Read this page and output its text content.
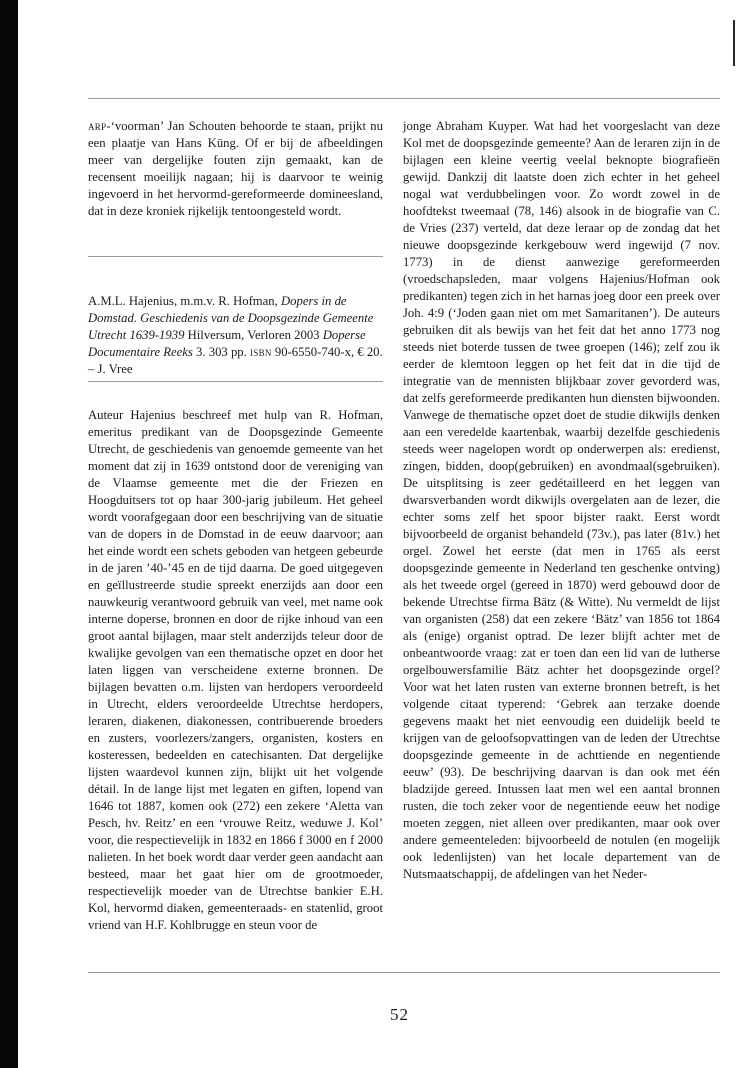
arp-‘voorman’ Jan Schouten behoorde te staan, prijkt nu een plaatje van Hans Küng. Of er bij de afbeeldingen meer van dergelijke fouten zijn gemaakt, kan de recensent moeilijk nagaan; hij is daarvoor te weinig ingevoerd in het hervormd-gereformeerde domineesland, dat in deze kroniek rijkelijk tentoongesteld wordt.

A.M.L. Hajenius, m.m.v. R. Hofman, Dopers in de Domstad. Geschiedenis van de Doopsgezinde Gemeente Utrecht 1639-1939 Hilversum, Verloren 2003 Doperse Documentaire Reeks 3. 303 pp. isbn 90-6550-740-x, € 20.
– J. Vree

Auteur Hajenius beschreef met hulp van R. Hofman, emeritus predikant van de Doopsgezinde Gemeente Utrecht, de geschiedenis van genoemde gemeente van het moment dat zij in 1639 ontstond door de vereniging van de Vlaamse gemeente met die der Friezen en Hoogduitsers tot op haar 300-jarig jubileum. Het geheel wordt voorafgegaan door een beschrijving van de situatie van de dopers in de Domstad in de eeuw daarvoor; aan het einde wordt een schets geboden van hetgeen gebeurde in de jaren ’40-’45 en de tijd daarna. De goed uitgegeven en geïllustreerde studie spreekt enerzijds aan door een nauwkeurig verantwoord gebruik van veel, met name ook interne doperse, bronnen en door de rijke inhoud van een groot aantal bijlagen, maar stelt anderzijds teleur door de kwalijke gevolgen van een thematische opzet en door het laten liggen van verscheidene externe bronnen. De bijlagen bevatten o.m. lijsten van herdopers veroordeeld in Utrecht, elders veroordeelde Utrechtse herdopers, leraren, diakenen, diakonessen, contribuerende broeders en zusters, voorlezers/zangers, organisten, kosters en kosteressen, bedeelden en catechisanten. Dat dergelijke lijsten waardevol kunnen zijn, blijkt uit het volgende détail. In de lange lijst met legaten en giften, lopend van 1646 tot 1887, komen ook (272) een zekere ‘Aletta van Pesch, hv. Reitz’ en een ‘vrouwe Reitz, weduwe J. Kol’ voor, die respectievelijk in 1832 en 1866 f 3000 en f 2000 nalieten. In het boek wordt daar verder geen aandacht aan besteed, maar het gaat hier om de grootmoeder, respectievelijk moeder van de Utrechtse bankier E.H. Kol, hervormd diaken, gemeenteraads- en statenlid, groot vriend van H.F. Kohlbrugge en steun voor de

jonge Abraham Kuyper. Wat had het voorgeslacht van deze Kol met de doopsgezinde gemeente? Aan de leraren zijn in de bijlagen een kleine veertig veelal beknopte biografieën gewijd. Dankzij dit laatste doen zich echter in het geheel nogal wat verdubbelingen voor. Zo wordt zowel in de hoofdtekst tweemaal (78, 146) alsook in de biografie van C. de Vries (237) verteld, dat deze leraar op de zondag dat het nieuwe doopsgezinde kerkgebouw werd ingewijd (7 nov. 1773) in de dienst aanwezige gereformeerden (vroedschapsleden, maar volgens Hajenius/Hofman ook predikanten) tegen zich in het harnas joeg door een preek over Joh. 4:9 (‘Joden gaan niet om met Samaritanen’). De auteurs gebruiken dit als bewijs van het feit dat het anno 1773 nog steeds niet boterde tussen de twee groepen (146); zelf zou ik eerder de klemtoon leggen op het feit dat in die tijd de integratie van de mennisten blijkbaar zover gevorderd was, dat zelfs gereformeerde predikanten hun diensten bijwoonden. Vanwege de thematische opzet doet de studie dikwijls denken aan een veredelde kaartenbak, waarbij dezelfde geschiedenis steeds weer nagelopen wordt op onderwerpen als: eredienst, zingen, bidden, doop(gebruiken) en avondmaal(sgebruiken). De uitsplitsing is zeer gedétailleerd en het leggen van dwarsverbanden wordt dikwijls overgelaten aan de lezer, die echter soms zelf het spoor bijster raakt. Eerst wordt bijvoorbeeld de organist behandeld (73v.), pas later (81v.) het orgel. Zowel het eerste (dat men in 1765 als eerst doopsgezinde gemeente in Nederland ten geschenke ontving) als het tweede orgel (gereed in 1870) werd gebouwd door de bekende Utrechtse firma Bätz (& Witte). Nu vermeldt de lijst van organisten (258) dat een zekere ‘Bätz’ van 1856 tot 1864 als (enige) organist optrad. De lezer blijft achter met de onbeantwoorde vraag: zat er toen dan een lid van de lutherse orgelbouwersfamilie Bätz achter het doopsgezinde orgel? Voor wat het laten rusten van externe bronnen betreft, is het volgende citaat typerend: ‘Gebrek aan terzake doende gegevens maakt het niet eenvoudig een duidelijk beeld te krijgen van de geloofsopvattingen van de leden der Utrechtse doopsgezinde gemeente in de achttiende en negentiende eeuw’ (93). De beschrijving daarvan is dan ook met één bladzijde gereed. Intussen laat men wel een aantal bronnen rusten, die toch zeker voor de negentiende eeuw het nodige moeten zeggen, niet alleen over predikanten, maar ook over andere gemeenteleden: bijvoorbeeld de notulen (en mogelijk ook ledenlijsten) van het locale departement van de Nutsmaatschappij, de afdelingen van het Neder-

52
